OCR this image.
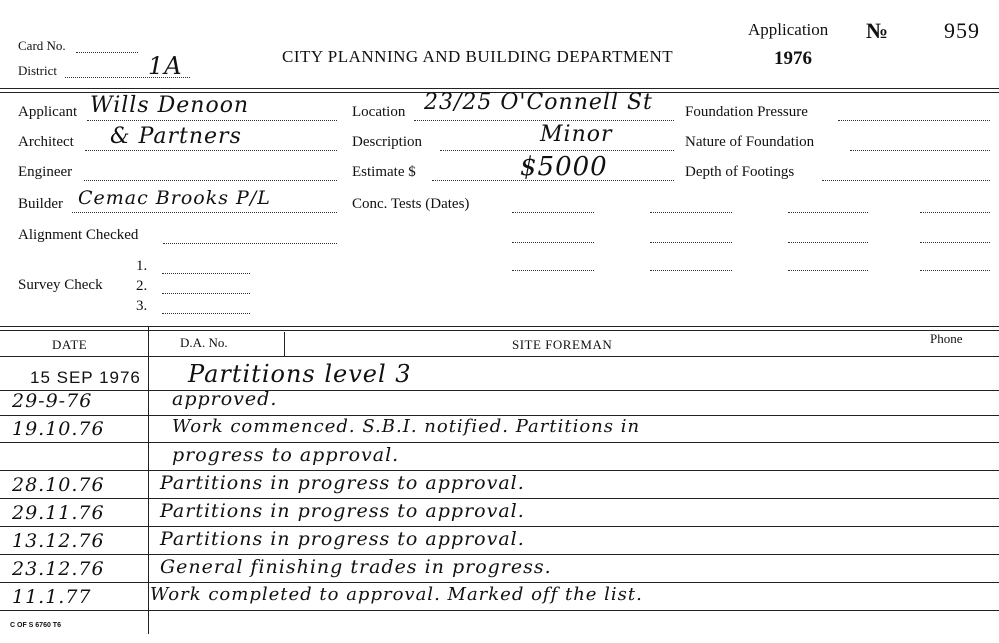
Card No.
District	1A	CITY PLANNING AND BUILDING DEPARTMENT
Application
1976
№	959
Applicant Wills Denoon
Architect & Partners
Engineer
Builder Cemac Brooks P/L
Alignment Checked
Survey Check
1.
2.
3.
Location 23/25 O'Connell St
Description	Minor
Estimate $	$5000
Conc. Tests (Dates)
Foundation Pressure
Nature of Foundation
Depth of Footings
DATE	D.A. No.	SITE FOREMAN	Phone
15 SEP 1976 Partitions level 3
29-9-76	approved.
19.10.76	Work commenced. S.B.I. notified. Partitions in
progress to approval.
28.10.76	Partitions in progress to approval.
29.11.76	Partitions in progress to approval.
13.12.76	Partitions in progress to approval.
23.12.76	General finishing trades in progress.
11.1.77	Work completed to approval. Marked off the list.
C OF S 6760 T6
